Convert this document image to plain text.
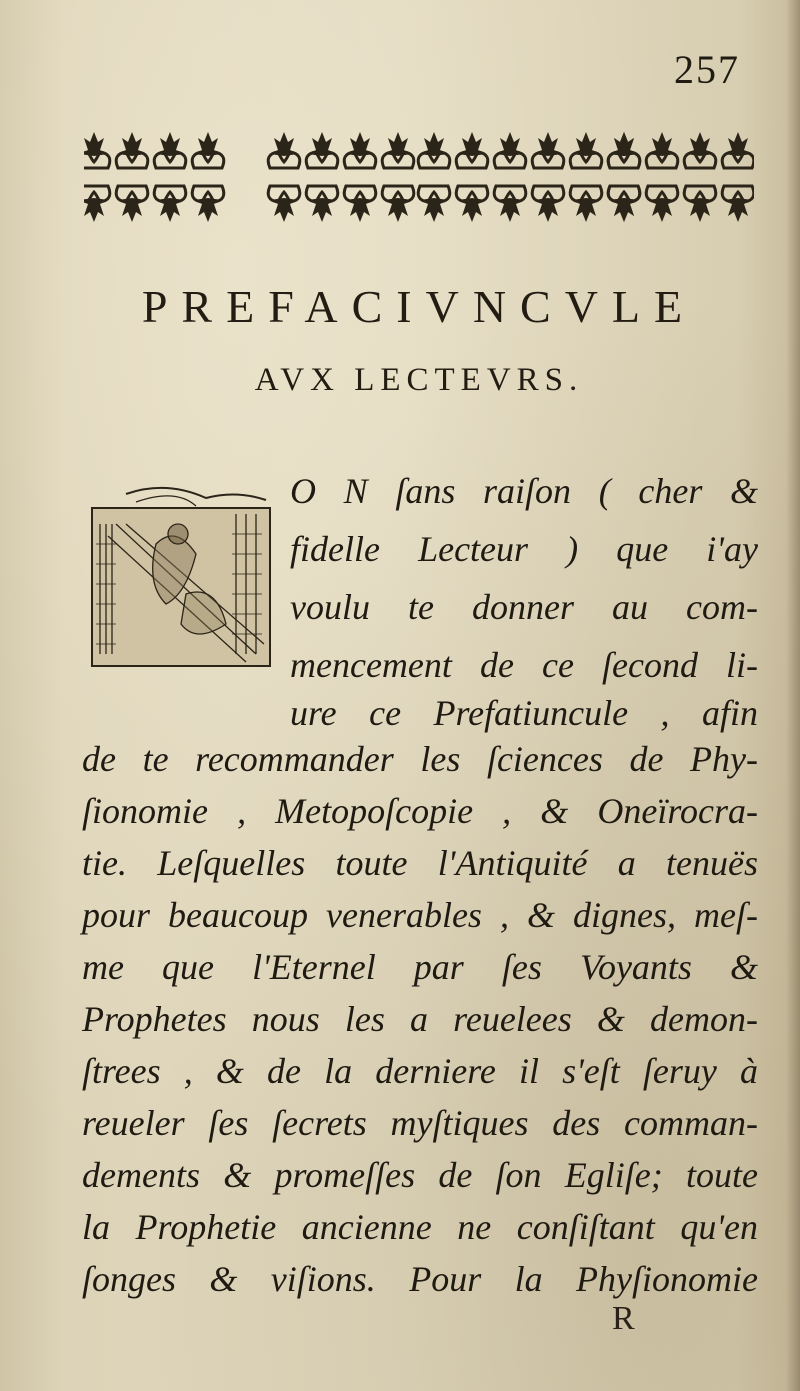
257
PREFACIVNCVLE
AVX LECTEVRS.
O N ſans raiſon ( cher &
fidelle Lecteur ) que i'ay
voulu te donner au com-
mencement de ce ſecond li-
ure ce Prefatiuncule , afin
de te recommander les ſciences de Phy-
ſionomie , Metopoſcopie , & Oneïrocra-
tie. Leſquelles toute l'Antiquité a tenuës
pour beaucoup venerables , & dignes, meſ-
me que l'Eternel par ſes Voyants &
Prophetes nous les a reuelees & demon-
ſtrees , & de la derniere il s'eſt ſeruy à
reueler ſes ſecrets myſtiques des comman-
dements & promeſſes de ſon Egliſe; toute
la Prophetie ancienne ne conſiſtant qu'en
ſonges & viſions. Pour la Phyſionomie
R
